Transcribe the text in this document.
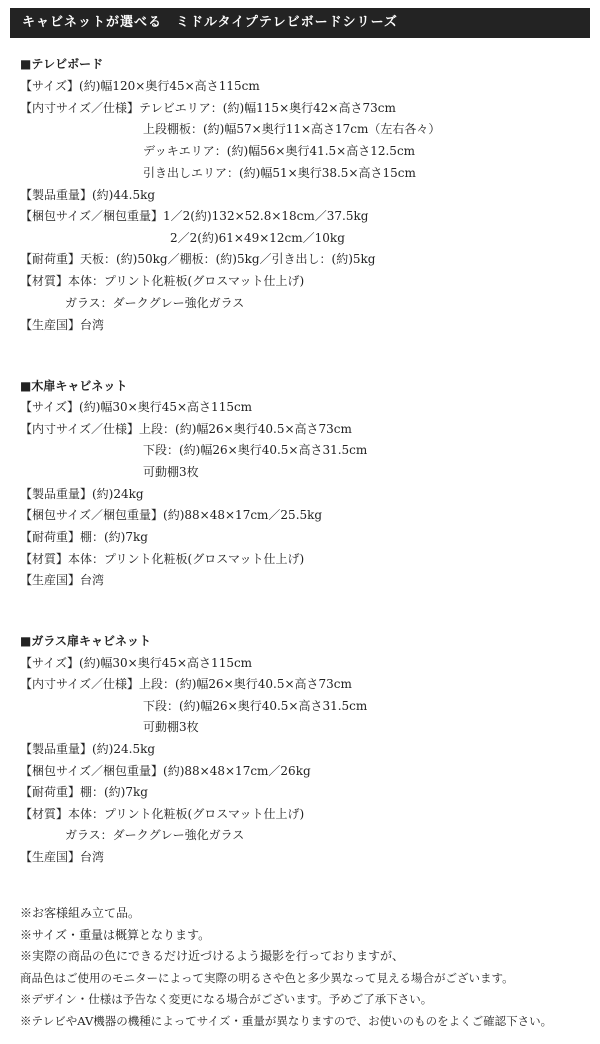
キャビネットが選べる　ミドルタイプテレビボードシリーズ
■テレビボード
【サイズ】(約)幅120×奥行45×高さ115cm
【内寸サイズ／仕様】テレビエリア：(約)幅115×奥行42×高さ73cm
上段棚板：(約)幅57×奥行11×高さ17cm（左右各々）
デッキエリア：(約)幅56×奥行41.5×高さ12.5cm
引き出しエリア：(約)幅51×奥行38.5×高さ15cm
【製品重量】(約)44.5kg
【梱包サイズ／梱包重量】1／2(約)132×52.8×18cm／37.5kg
2／2(約)61×49×12cm／10kg
【耐荷重】天板：(約)50kg／棚板：(約)5kg／引き出し：(約)5kg
【材質】本体：プリント化粧板(グロスマット仕上げ)
ガラス：ダークグレー強化ガラス
【生産国】台湾
■木扉キャビネット
【サイズ】(約)幅30×奥行45×高さ115cm
【内寸サイズ／仕様】上段：(約)幅26×奥行40.5×高さ73cm
下段：(約)幅26×奥行40.5×高さ31.5cm
可動棚3枚
【製品重量】(約)24kg
【梱包サイズ／梱包重量】(約)88×48×17cm／25.5kg
【耐荷重】棚：(約)7kg
【材質】本体：プリント化粧板(グロスマット仕上げ)
【生産国】台湾
■ガラス扉キャビネット
【サイズ】(約)幅30×奥行45×高さ115cm
【内寸サイズ／仕様】上段：(約)幅26×奥行40.5×高さ73cm
下段：(約)幅26×奥行40.5×高さ31.5cm
可動棚3枚
【製品重量】(約)24.5kg
【梱包サイズ／梱包重量】(約)88×48×17cm／26kg
【耐荷重】棚：(約)7kg
【材質】本体：プリント化粧板(グロスマット仕上げ)
ガラス：ダークグレー強化ガラス
【生産国】台湾
※お客様組み立て品。
※サイズ・重量は概算となります。
※実際の商品の色にできるだけ近づけるよう撮影を行っておりますが、
商品色はご使用のモニターによって実際の明るさや色と多少異なって見える場合がございます。
※デザイン・仕様は予告なく変更になる場合がございます。予めご了承下さい。
※テレビやAV機器の機種によってサイズ・重量が異なりますので、お使いのものをよくご確認下さい。
